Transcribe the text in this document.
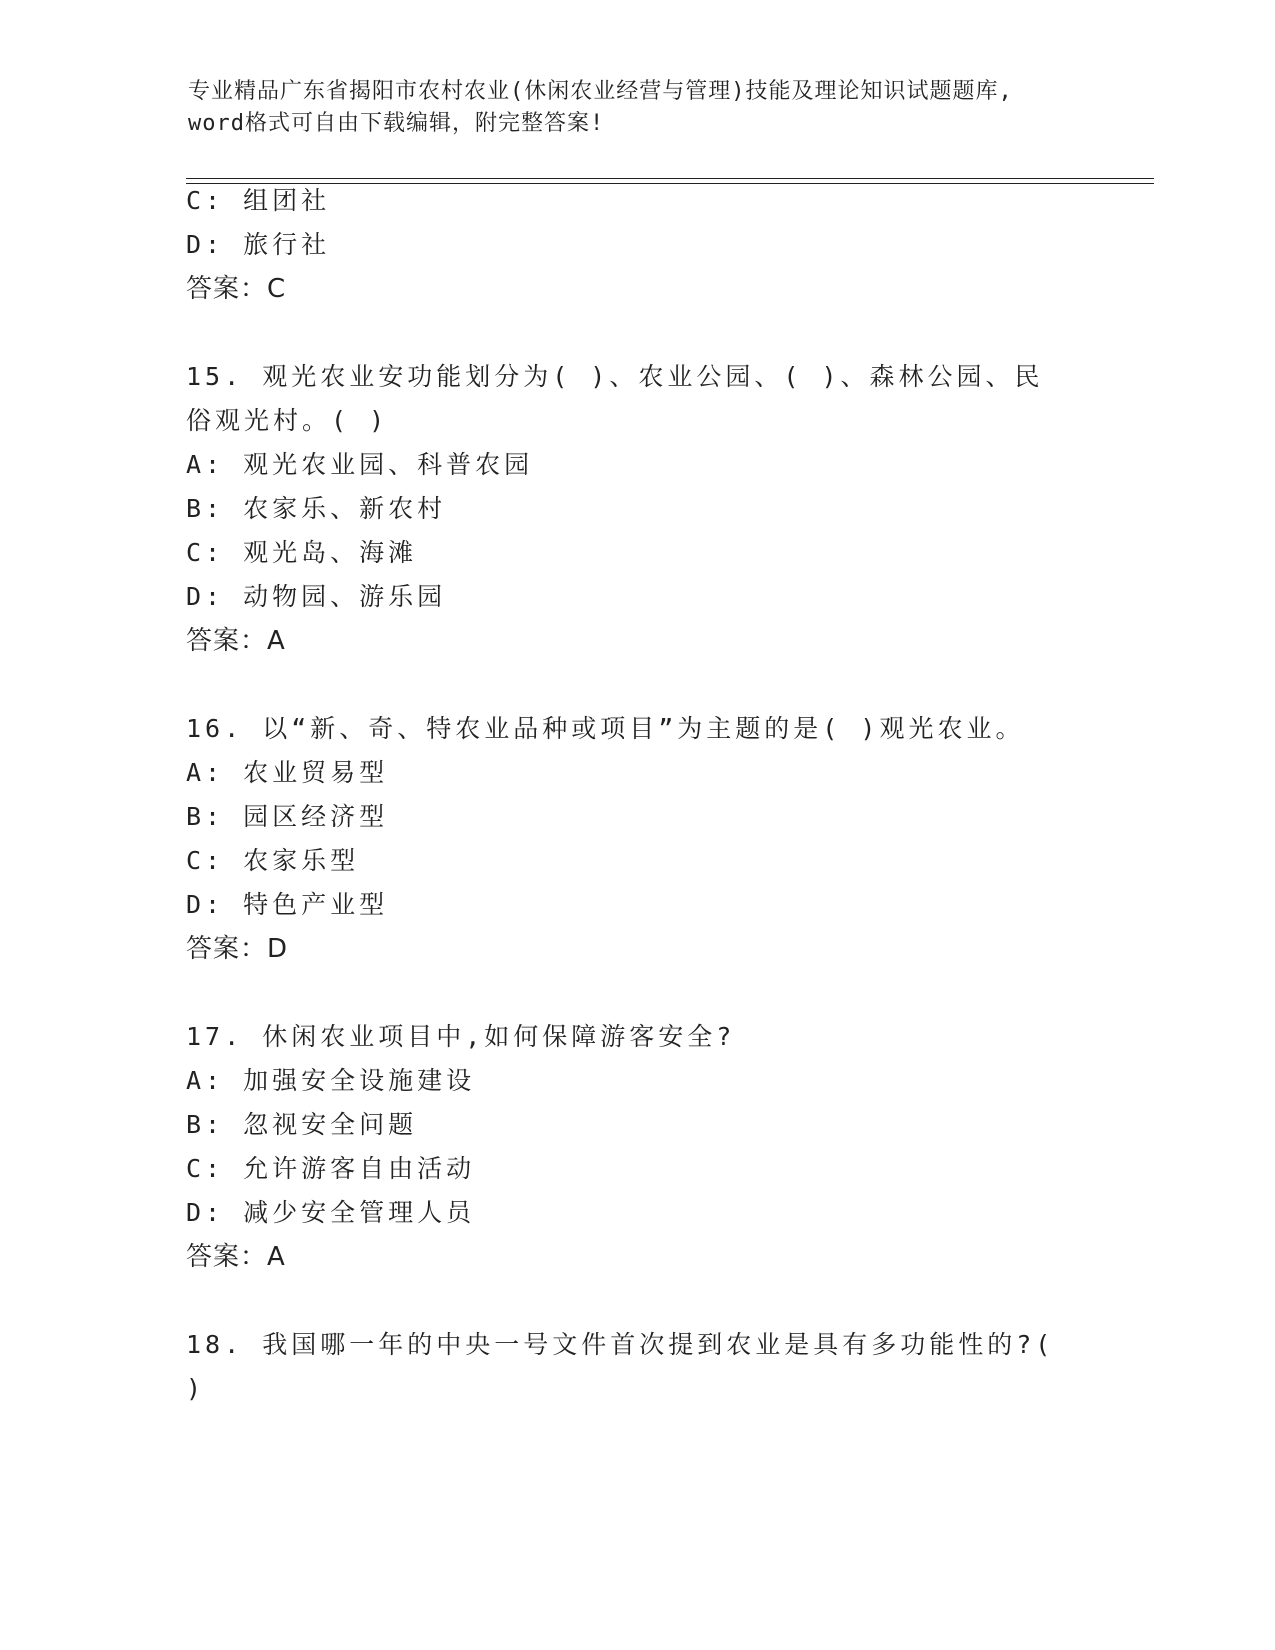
专业精品广东省揭阳市农村农业(休闲农业经营与管理)技能及理论知识试题题库,
word格式可自由下载编辑，附完整答案!
C: 组团社
D: 旅行社
答案：C
15. 观光农业安功能划分为( )、农业公园、( )、森林公园、民
俗观光村。( )
A: 观光农业园、科普农园
B: 农家乐、新农村
C: 观光岛、海滩
D: 动物园、游乐园
答案：A
16. 以“新、奇、特农业品种或项目”为主题的是( )观光农业。
A: 农业贸易型
B: 园区经济型
C: 农家乐型
D: 特色产业型
答案：D
17. 休闲农业项目中,如何保障游客安全?
A: 加强安全设施建设
B: 忽视安全问题
C: 允许游客自由活动
D: 减少安全管理人员
答案：A
18. 我国哪一年的中央一号文件首次提到农业是具有多功能性的?(
)
